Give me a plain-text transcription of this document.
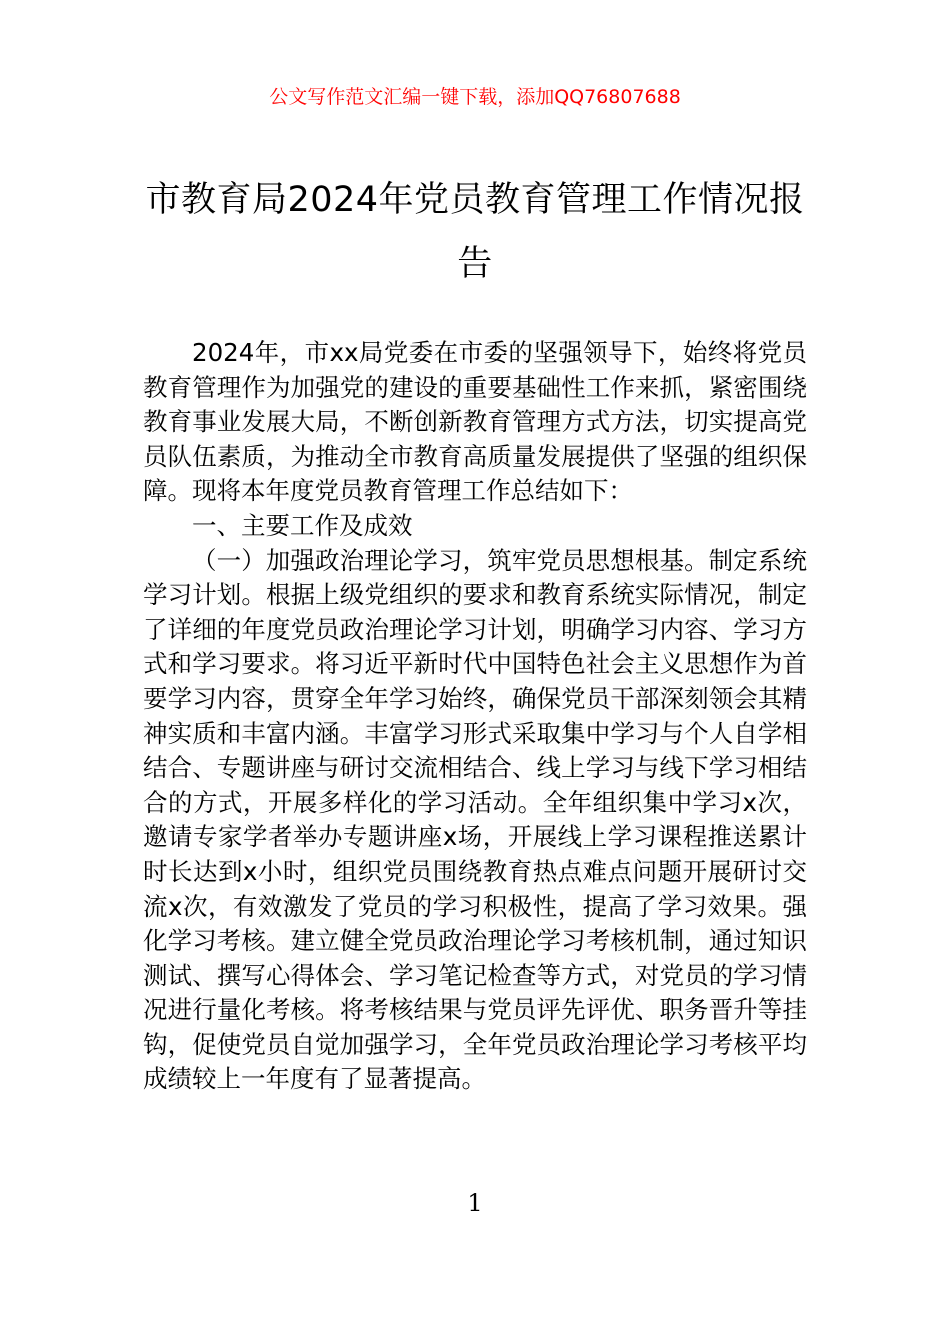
公文写作范文汇编一键下载，添加QQ76807688
市教育局2024年党员教育管理工作情况报告

2024年，市xx局党委在市委的坚强领导下，始终将党员教育管理作为加强党的建设的重要基础性工作来抓，紧密围绕教育事业发展大局，不断创新教育管理方式方法，切实提高党员队伍素质，为推动全市教育高质量发展提供了坚强的组织保障。现将本年度党员教育管理工作总结如下：

一、主要工作及成效

（一）加强政治理论学习，筑牢党员思想根基。制定系统学习计划。根据上级党组织的要求和教育系统实际情况，制定了详细的年度党员政治理论学习计划，明确学习内容、学习方式和学习要求。将习近平新时代中国特色社会主义思想作为首要学习内容，贯穿全年学习始终，确保党员干部深刻领会其精神实质和丰富内涵。丰富学习形式采取集中学习与个人自学相结合、专题讲座与研讨交流相结合、线上学习与线下学习相结合的方式，开展多样化的学习活动。全年组织集中学习x次，邀请专家学者举办专题讲座x场，开展线上学习课程推送累计时长达到x小时，组织党员围绕教育热点难点问题开展研讨交流x次，有效激发了党员的学习积极性，提高了学习效果。强化学习考核。建立健全党员政治理论学习考核机制，通过知识测试、撰写心得体会、学习笔记检查等方式，对党员的学习情况进行量化考核。将考核结果与党员评先评优、职务晋升等挂钩，促使党员自觉加强学习，全年党员政治理论学习考核平均成绩较上一年度有了显著提高。

1
